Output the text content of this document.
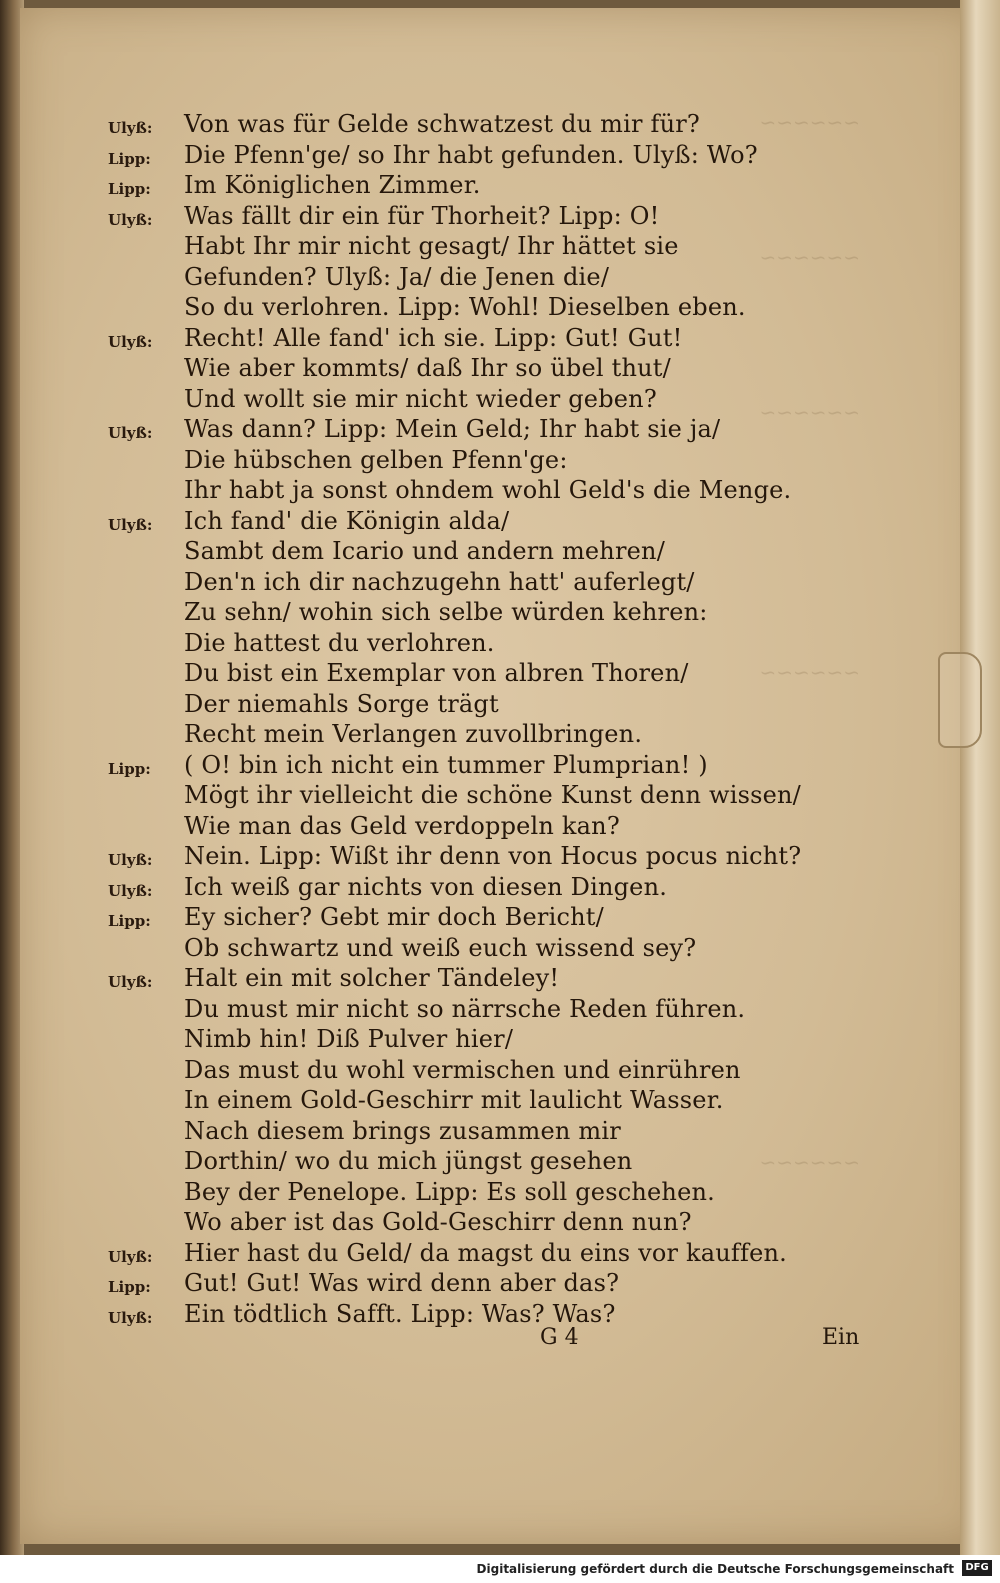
~~~~~~
~~~~~~
~~~~~~
~~~~~~
~~~~~~
Ulyß: Von was für Gelde schwatzest du mir für?
Lipp: Die Pfenn'ge/ so Ihr habt gefunden. Ulyß: Wo?
Lipp: Im Königlichen Zimmer.
Ulyß: Was fällt dir ein für Thorheit? Lipp: O!
Habt Ihr mir nicht gesagt/ Ihr hättet sie
Gefunden? Ulyß: Ja/ die Jenen die/
So du verlohren. Lipp: Wohl! Dieselben eben.
Ulyß: Recht! Alle fand' ich sie. Lipp: Gut! Gut!
Wie aber kommts/ daß Ihr so übel thut/
Und wollt sie mir nicht wieder geben?
Ulyß: Was dann? Lipp: Mein Geld; Ihr habt sie ja/
Die hübschen gelben Pfenn'ge:
Ihr habt ja sonst ohndem wohl Geld's die Menge.
Ulyß: Ich fand' die Königin alda/
Sambt dem Icario und andern mehren/
Den'n ich dir nachzugehn hatt' auferlegt/
Zu sehn/ wohin sich selbe würden kehren:
Die hattest du verlohren.
Du bist ein Exemplar von albren Thoren/
Der niemahls Sorge trägt
Recht mein Verlangen zuvollbringen.
Lipp: ( O! bin ich nicht ein tummer Plumprian! )
Mögt ihr vielleicht die schöne Kunst denn wissen/
Wie man das Geld verdoppeln kan?
Ulyß: Nein. Lipp: Wißt ihr denn von Hocus pocus nicht?
Ulyß: Ich weiß gar nichts von diesen Dingen.
Lipp: Ey sicher? Gebt mir doch Bericht/
Ob schwartz und weiß euch wissend sey?
Ulyß: Halt ein mit solcher Tändeley!
Du must mir nicht so närrsche Reden führen.
Nimb hin! Diß Pulver hier/
Das must du wohl vermischen und einrühren
In einem Gold-Geschirr mit laulicht Wasser.
Nach diesem brings zusammen mir
Dorthin/ wo du mich jüngst gesehen
Bey der Penelope. Lipp: Es soll geschehen.
Wo aber ist das Gold-Geschirr denn nun?
Ulyß: Hier hast du Geld/ da magst du eins vor kauffen.
Lipp: Gut! Gut! Was wird denn aber das?
Ulyß: Ein tödtlich Safft. Lipp: Was? Was?
G 4	Ein
Digitalisierung gefördert durch die Deutsche Forschungsgemeinschaft	DFG
